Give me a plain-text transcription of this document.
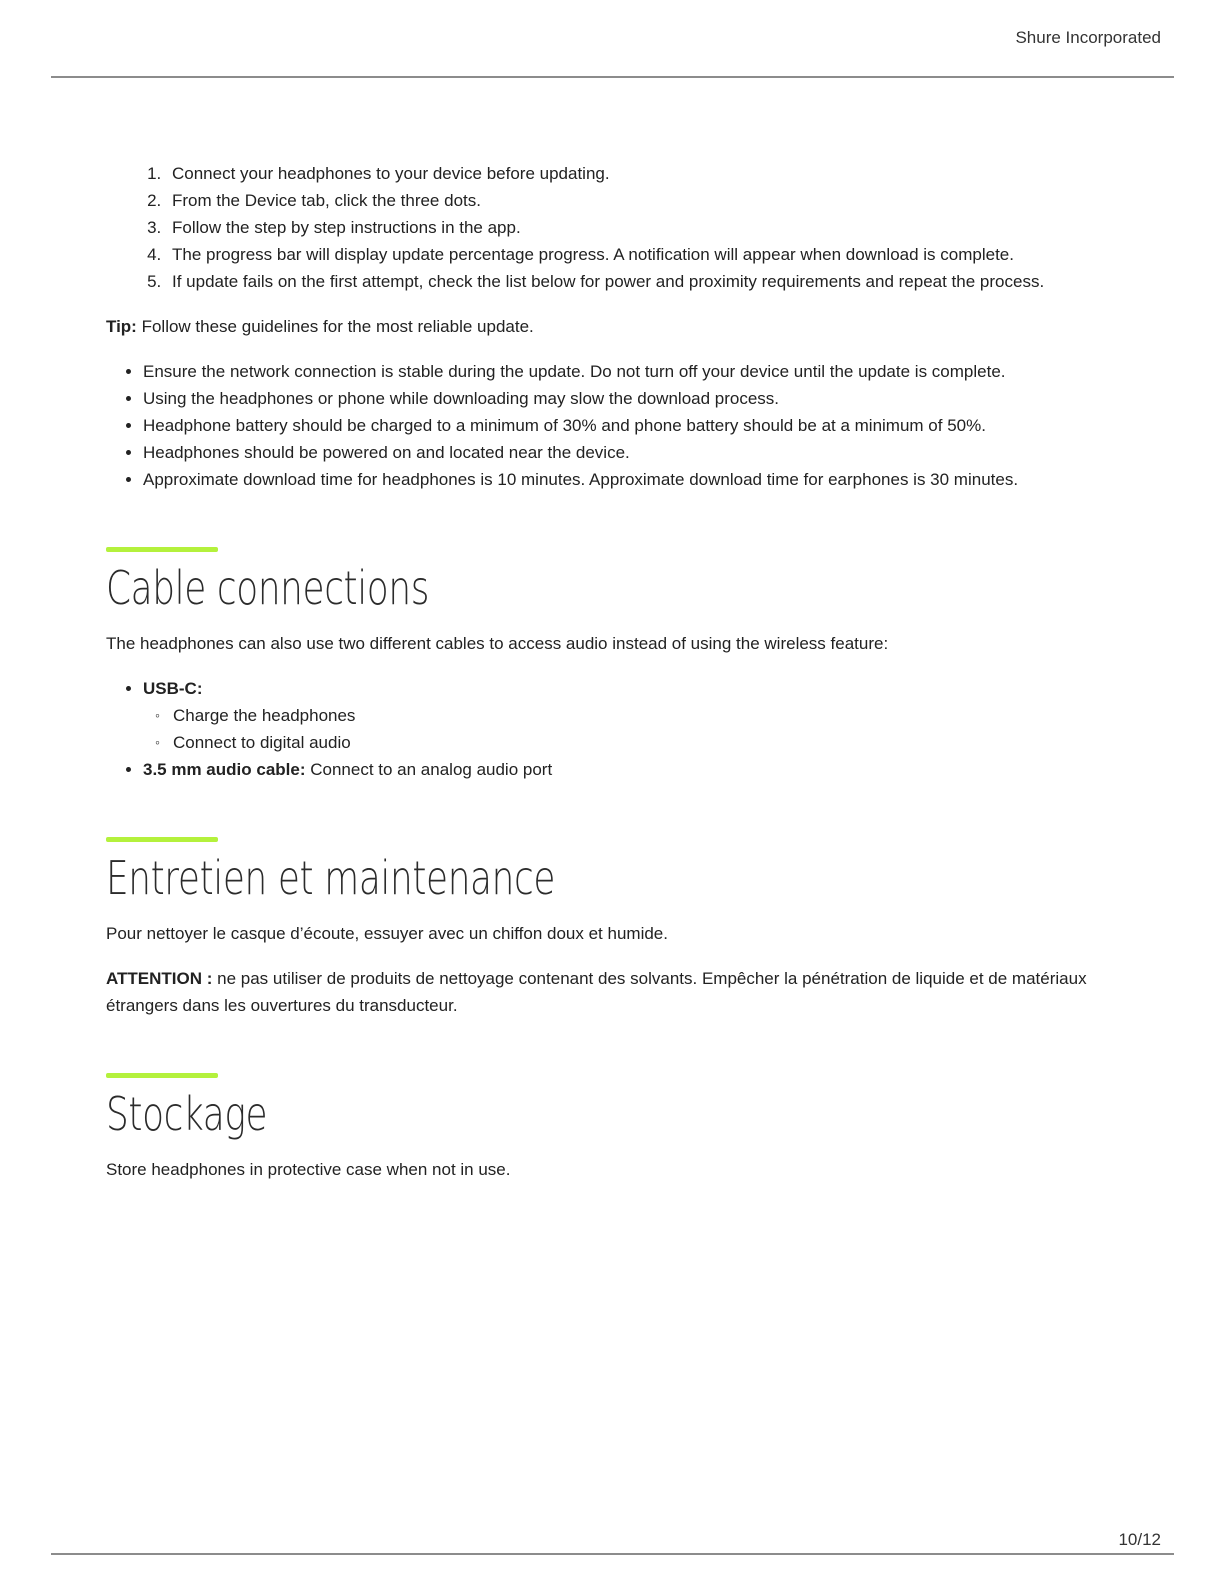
Shure Incorporated
1. Connect your headphones to your device before updating.
2. From the Device tab, click the three dots.
3. Follow the step by step instructions in the app.
4. The progress bar will display update percentage progress. A notification will appear when download is complete.
5. If update fails on the first attempt, check the list below for power and proximity requirements and repeat the process.

Tip: Follow these guidelines for the most reliable update.

• Ensure the network connection is stable during the update. Do not turn off your device until the update is complete.
• Using the headphones or phone while downloading may slow the download process.
• Headphone battery should be charged to a minimum of 30% and phone battery should be at a minimum of 50%.
• Headphones should be powered on and located near the device.
• Approximate download time for headphones is 10 minutes. Approximate download time for earphones is 30 minutes.
Cable connections

The headphones can also use two different cables to access audio instead of using the wireless feature:

• USB-C:
◦ Charge the headphones
◦ Connect to digital audio
• 3.5 mm audio cable: Connect to an analog audio port
Entretien et maintenance

Pour nettoyer le casque d’écoute, essuyer avec un chiffon doux et humide.

ATTENTION : ne pas utiliser de produits de nettoyage contenant des solvants. Empêcher la pénétration de liquide et de matériaux étrangers dans les ouvertures du transducteur.

Stockage

Store headphones in protective case when not in use.

10/12
